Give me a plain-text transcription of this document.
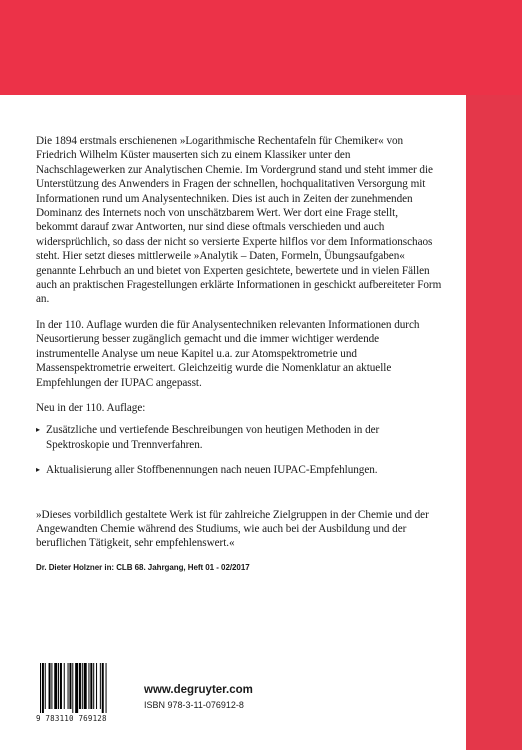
Die 1894 erstmals erschienenen »Logarithmische Rechentafeln für Chemiker« von Friedrich Wilhelm Küster mauserten sich zu einem Klassiker unter den Nachschlagewerken zur Analytischen Chemie. Im Vordergrund stand und steht immer die Unterstützung des Anwenders in Fragen der schnellen, hochqualitativen Versorgung mit Informationen rund um Analysentechniken. Dies ist auch in Zeiten der zunehmenden Dominanz des Internets noch von unschätzbarem Wert. Wer dort eine Frage stellt, bekommt darauf zwar Antworten, nur sind diese oftmals verschieden und auch widersprüchlich, so dass der nicht so versierte Experte hilflos vor dem Informationschaos steht. Hier setzt dieses mittlerweile »Analytik – Daten, Formeln, Übungsaufgaben« genannte Lehrbuch an und bietet von Experten gesichtete, bewertete und in vielen Fällen auch an praktischen Fragestellungen erklärte Informationen in geschickt aufbereiteter Form an.

In der 110. Auflage wurden die für Analysentechniken relevanten Informationen durch Neusortierung besser zugänglich gemacht und die immer wichtiger werdende instrumentelle Analyse um neue Kapitel u.a. zur Atomspektrometrie und Massenspektrometrie erweitert. Gleichzeitig wurde die Nomenklatur an aktuelle Empfehlungen der IUPAC angepasst.

Neu in der 110. Auflage:

▸ Zusätzliche und vertiefende Beschreibungen von heutigen Methoden in der Spektroskopie und Trennverfahren.
▸ Aktualisierung aller Stoffbenennungen nach neuen IUPAC-Empfehlungen.

»Dieses vorbildlich gestaltete Werk ist für zahlreiche Zielgruppen in der Chemie und der Angewandten Chemie während des Studiums, wie auch bei der Ausbildung und der beruflichen Tätigkeit, sehr empfehlenswert.«

Dr. Dieter Holzner in: CLB 68. Jahrgang, Heft 01 - 02/2017
9 783110 769128
www.degruyter.com
ISBN 978-3-11-076912-8
